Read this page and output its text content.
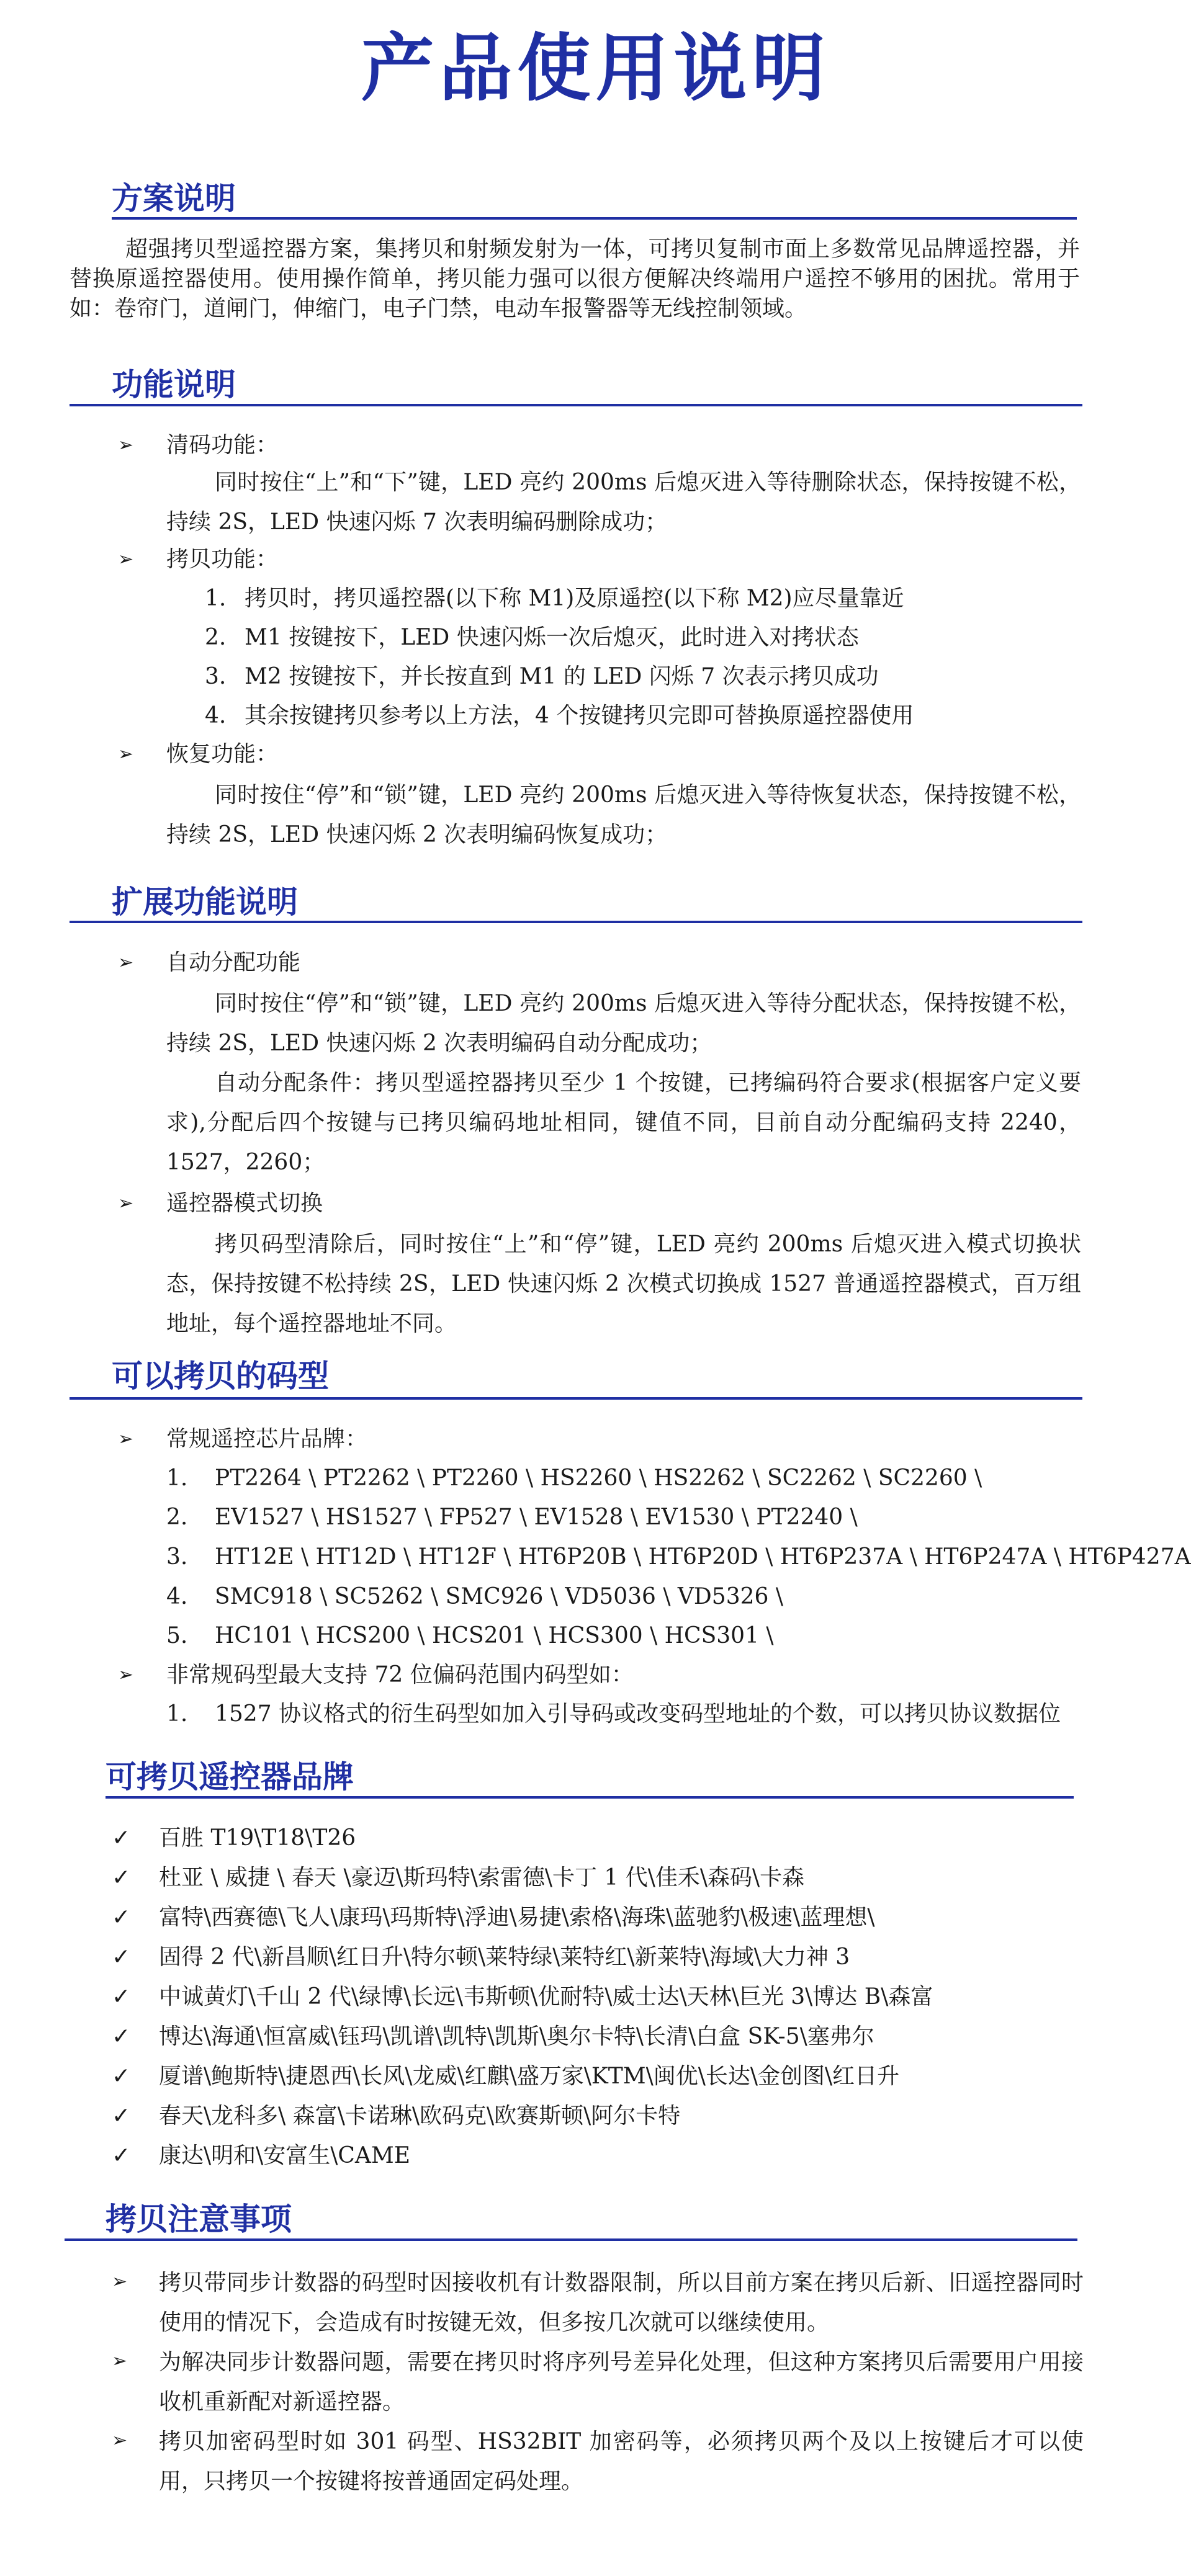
产品使用说明
方案说明
超强拷贝型遥控器方案，集拷贝和射频发射为一体，可拷贝复制市面上多数常见品牌遥控器，并替换原遥控器使用。使用操作简单，拷贝能力强可以很方便解决终端用户遥控不够用的困扰。常用于如：卷帘门，道闸门，伸缩门，电子门禁，电动车报警器等无线控制领域。
功能说明
➢ 清码功能：
同时按住“上”和“下”键，LED 亮约 200ms 后熄灭进入等待删除状态，保持按键不松，持续 2S，LED 快速闪烁 7 次表明编码删除成功；
➢ 拷贝功能：
1. 拷贝时，拷贝遥控器(以下称 M1)及原遥控(以下称 M2)应尽量靠近
2. M1 按键按下，LED 快速闪烁一次后熄灭，此时进入对拷状态
3. M2 按键按下，并长按直到 M1 的 LED 闪烁 7 次表示拷贝成功
4. 其余按键拷贝参考以上方法，4 个按键拷贝完即可替换原遥控器使用
➢ 恢复功能：
同时按住“停”和“锁”键，LED 亮约 200ms 后熄灭进入等待恢复状态，保持按键不松，持续 2S，LED 快速闪烁 2 次表明编码恢复成功；
扩展功能说明
➢ 自动分配功能
同时按住“停”和“锁”键，LED 亮约 200ms 后熄灭进入等待分配状态，保持按键不松，持续 2S，LED 快速闪烁 2 次表明编码自动分配成功；
自动分配条件：拷贝型遥控器拷贝至少 1 个按键，已拷编码符合要求(根据客户定义要求),分配后四个按键与已拷贝编码地址相同，键值不同，目前自动分配编码支持 2240，1527，2260；
➢ 遥控器模式切换
拷贝码型清除后，同时按住“上”和“停”键，LED 亮约 200ms 后熄灭进入模式切换状态，保持按键不松持续 2S，LED 快速闪烁 2 次模式切换成 1527 普通遥控器模式，百万组地址，每个遥控器地址不同。
可以拷贝的码型
➢ 常规遥控芯片品牌：
1. PT2264 \ PT2262 \ PT2260 \ HS2260 \ HS2262 \ SC2262 \ SC2260 \
2. EV1527 \ HS1527 \ FP527 \ EV1528 \ EV1530 \ PT2240 \
3. HT12E \ HT12D \ HT12F \ HT6P20B \ HT6P20D \ HT6P237A \ HT6P247A \ HT6P427A
4. SMC918 \ SC5262 \ SMC926 \ VD5036 \ VD5326 \
5. HC101 \ HCS200 \ HCS201 \ HCS300 \ HCS301 \
➢ 非常规码型最大支持 72 位偏码范围内码型如：
1. 1527 协议格式的衍生码型如加入引导码或改变码型地址的个数，可以拷贝协议数据位
可拷贝遥控器品牌
✓ 百胜 T19\T18\T26
✓ 杜亚 \ 威捷 \ 春天 \豪迈\斯玛特\索雷德\卡丁 1 代\佳禾\森码\卡森
✓ 富特\西赛德\飞人\康玛\玛斯特\浮迪\易捷\索格\海珠\蓝驰豹\极速\蓝理想\
✓ 固得 2 代\新昌顺\红日升\特尔顿\莱特绿\莱特红\新莱特\海域\大力神 3
✓ 中诚黄灯\千山 2 代\绿博\长远\韦斯顿\优耐特\威士达\天林\巨光 3\博达 B\森富
✓ 博达\海通\恒富威\钰玛\凯谱\凯特\凯斯\奥尔卡特\长清\白盒 SK-5\塞弗尔
✓ 厦谱\鲍斯特\捷恩西\长风\龙威\红麒\盛万家\KTM\闽优\长达\金创图\红日升
✓ 春天\龙科多\ 森富\卡诺琳\欧码克\欧赛斯顿\阿尔卡特
✓ 康达\明和\安富生\CAME
拷贝注意事项
➢ 拷贝带同步计数器的码型时因接收机有计数器限制，所以目前方案在拷贝后新、旧遥控器同时使用的情况下，会造成有时按键无效，但多按几次就可以继续使用。
➢ 为解决同步计数器问题，需要在拷贝时将序列号差异化处理，但这种方案拷贝后需要用户用接收机重新配对新遥控器。
➢ 拷贝加密码型时如 301 码型、HS32BIT 加密码等，必须拷贝两个及以上按键后才可以使用，只拷贝一个按键将按普通固定码处理。
